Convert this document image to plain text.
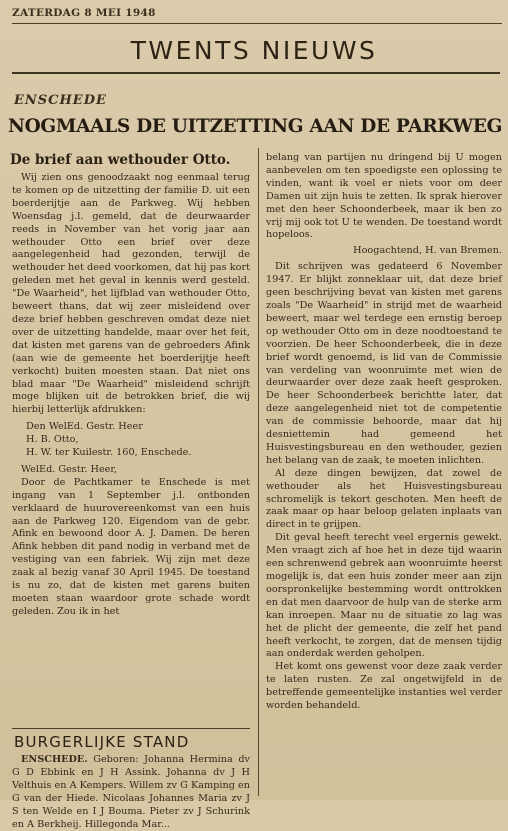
ZATERDAG 8 MEI 1948
TWENTS NIEUWS
ENSCHEDE
NOGMAALS DE UITZETTING AAN DE PARKWEG
De brief aan wethouder Otto.

Wij zien ons genoodzaakt nog eenmaal terug te komen op de uitzetting der familie D. uit een boerderijtje aan de Parkweg. Wij hebben Woensdag j.l. gemeld, dat de deurwaarder reeds in November van het vorig jaar aan wethouder Otto een brief over deze aangelegenheid had gezonden, terwijl de wethouder het deed voorkomen, dat hij pas kort geleden met het geval in kennis werd gesteld. "De Waarheid", het lijfblad van wethouder Otto, beweert thans, dat wij zeer misleidend over deze brief hebben geschreven omdat deze niet over de uitzetting handelde, maar over het feit, dat kisten met garens van de gebroeders Afink (aan wie de gemeente het boerderijtje heeft verkocht) buiten moesten staan. Dat niet ons blad maar "De Waarheid" misleidend schrijft moge blijken uit de betrokken brief, die wij hierbij letterlijk afdrukken:

Den WelEd. Gestr. Heer
H. B. Otto,
H. W. ter Kuilestr. 160, Enschede.

WelEd. Gestr. Heer,

Door de Pachtkamer te Enschede is met ingang van 1 September j.l. ontbonden verklaard de huurovereenkomst van een huis aan de Parkweg 120. Eigendom van de gebr. Afink en bewoond door A. J. Damen. De heren Afink hebben dit pand nodig in verband met de vestiging van een fabriek. Wij zijn met deze zaak al bezig vanaf 30 April 1945. De toestand is nu zo, dat de kisten met garens buiten moeten staan waardoor grote schade wordt geleden. Zou ik in het

belang van partijen nu dringend bij U mogen aanbevelen om ten spoedigste een oplossing te vinden, want ik voel er niets voor om deer Damen uit zijn huis te zetten. Ik sprak hierover met den heer Schoonderbeek, maar ik ben zo vrij mij ook tot U te wenden. De toestand wordt hopeloos.

Hoogachtend, H. van Bremen.

Dit schrijven was gedateerd 6 November 1947. Er blijkt zonneklaar uit, dat deze brief geen beschrijving bevat van kisten met garens zoals "De Waarheid" in strijd met de waarheid beweert, maar wel terdege een ernstig beroep op wethouder Otto om in deze noodtoestand te voorzien. De heer Schoonderbeek, die in deze brief wordt genoemd, is lid van de Commissie van verdeling van woonruimte met wien de deurwaarder over deze zaak heeft gesproken. De heer Schoonderbeek berichtte later, dat deze aangelegenheid niet tot de competentie van de commissie behoorde, maar dat hij desniettemin had gemeend het Huisvestingsbureau en den wethouder, gezien het belang van de zaak, te moeten inlichten.

Al deze dingen bewijzen, dat zowel de wethouder als het Huisvestingsbureau schromelijk is tekort geschoten. Men heeft de zaak maar op haar beloop gelaten inplaats van direct in te grijpen.

Dit geval heeft terecht veel ergernis gewekt. Men vraagt zich af hoe het in deze tijd waarin een schrenwend gebrek aan woonruimte heerst mogelijk is, dat een huis zonder meer aan zijn oorspronkelijke bestemming wordt onttrokken en dat men daarvoor de hulp van de sterke arm kan inroepen. Maar nu de situatie zo lag was het de plicht der gemeente, die zelf het pand heeft verkocht, te zorgen, dat de mensen tijdig aan onderdak werden geholpen.

Het komt ons gewenst voor deze zaak verder te laten rusten. Ze zal ongetwijfeld in de betreffende gemeentelijke instanties wel verder worden behandeld.

BURGERLIJKE STAND

ENSCHEDE. Geboren: Johanna Hermina dv G D Ebbink en J H Assink. Johanna dv J H Velthuis en A Kempers. Willem zv G Kamping en G van der Hiede. Nicolaas Johannes Maria zv J S ten Welde en I J Bouma. Pieter zv J Schurink en A Berkheij. Hillegonda Mar...
